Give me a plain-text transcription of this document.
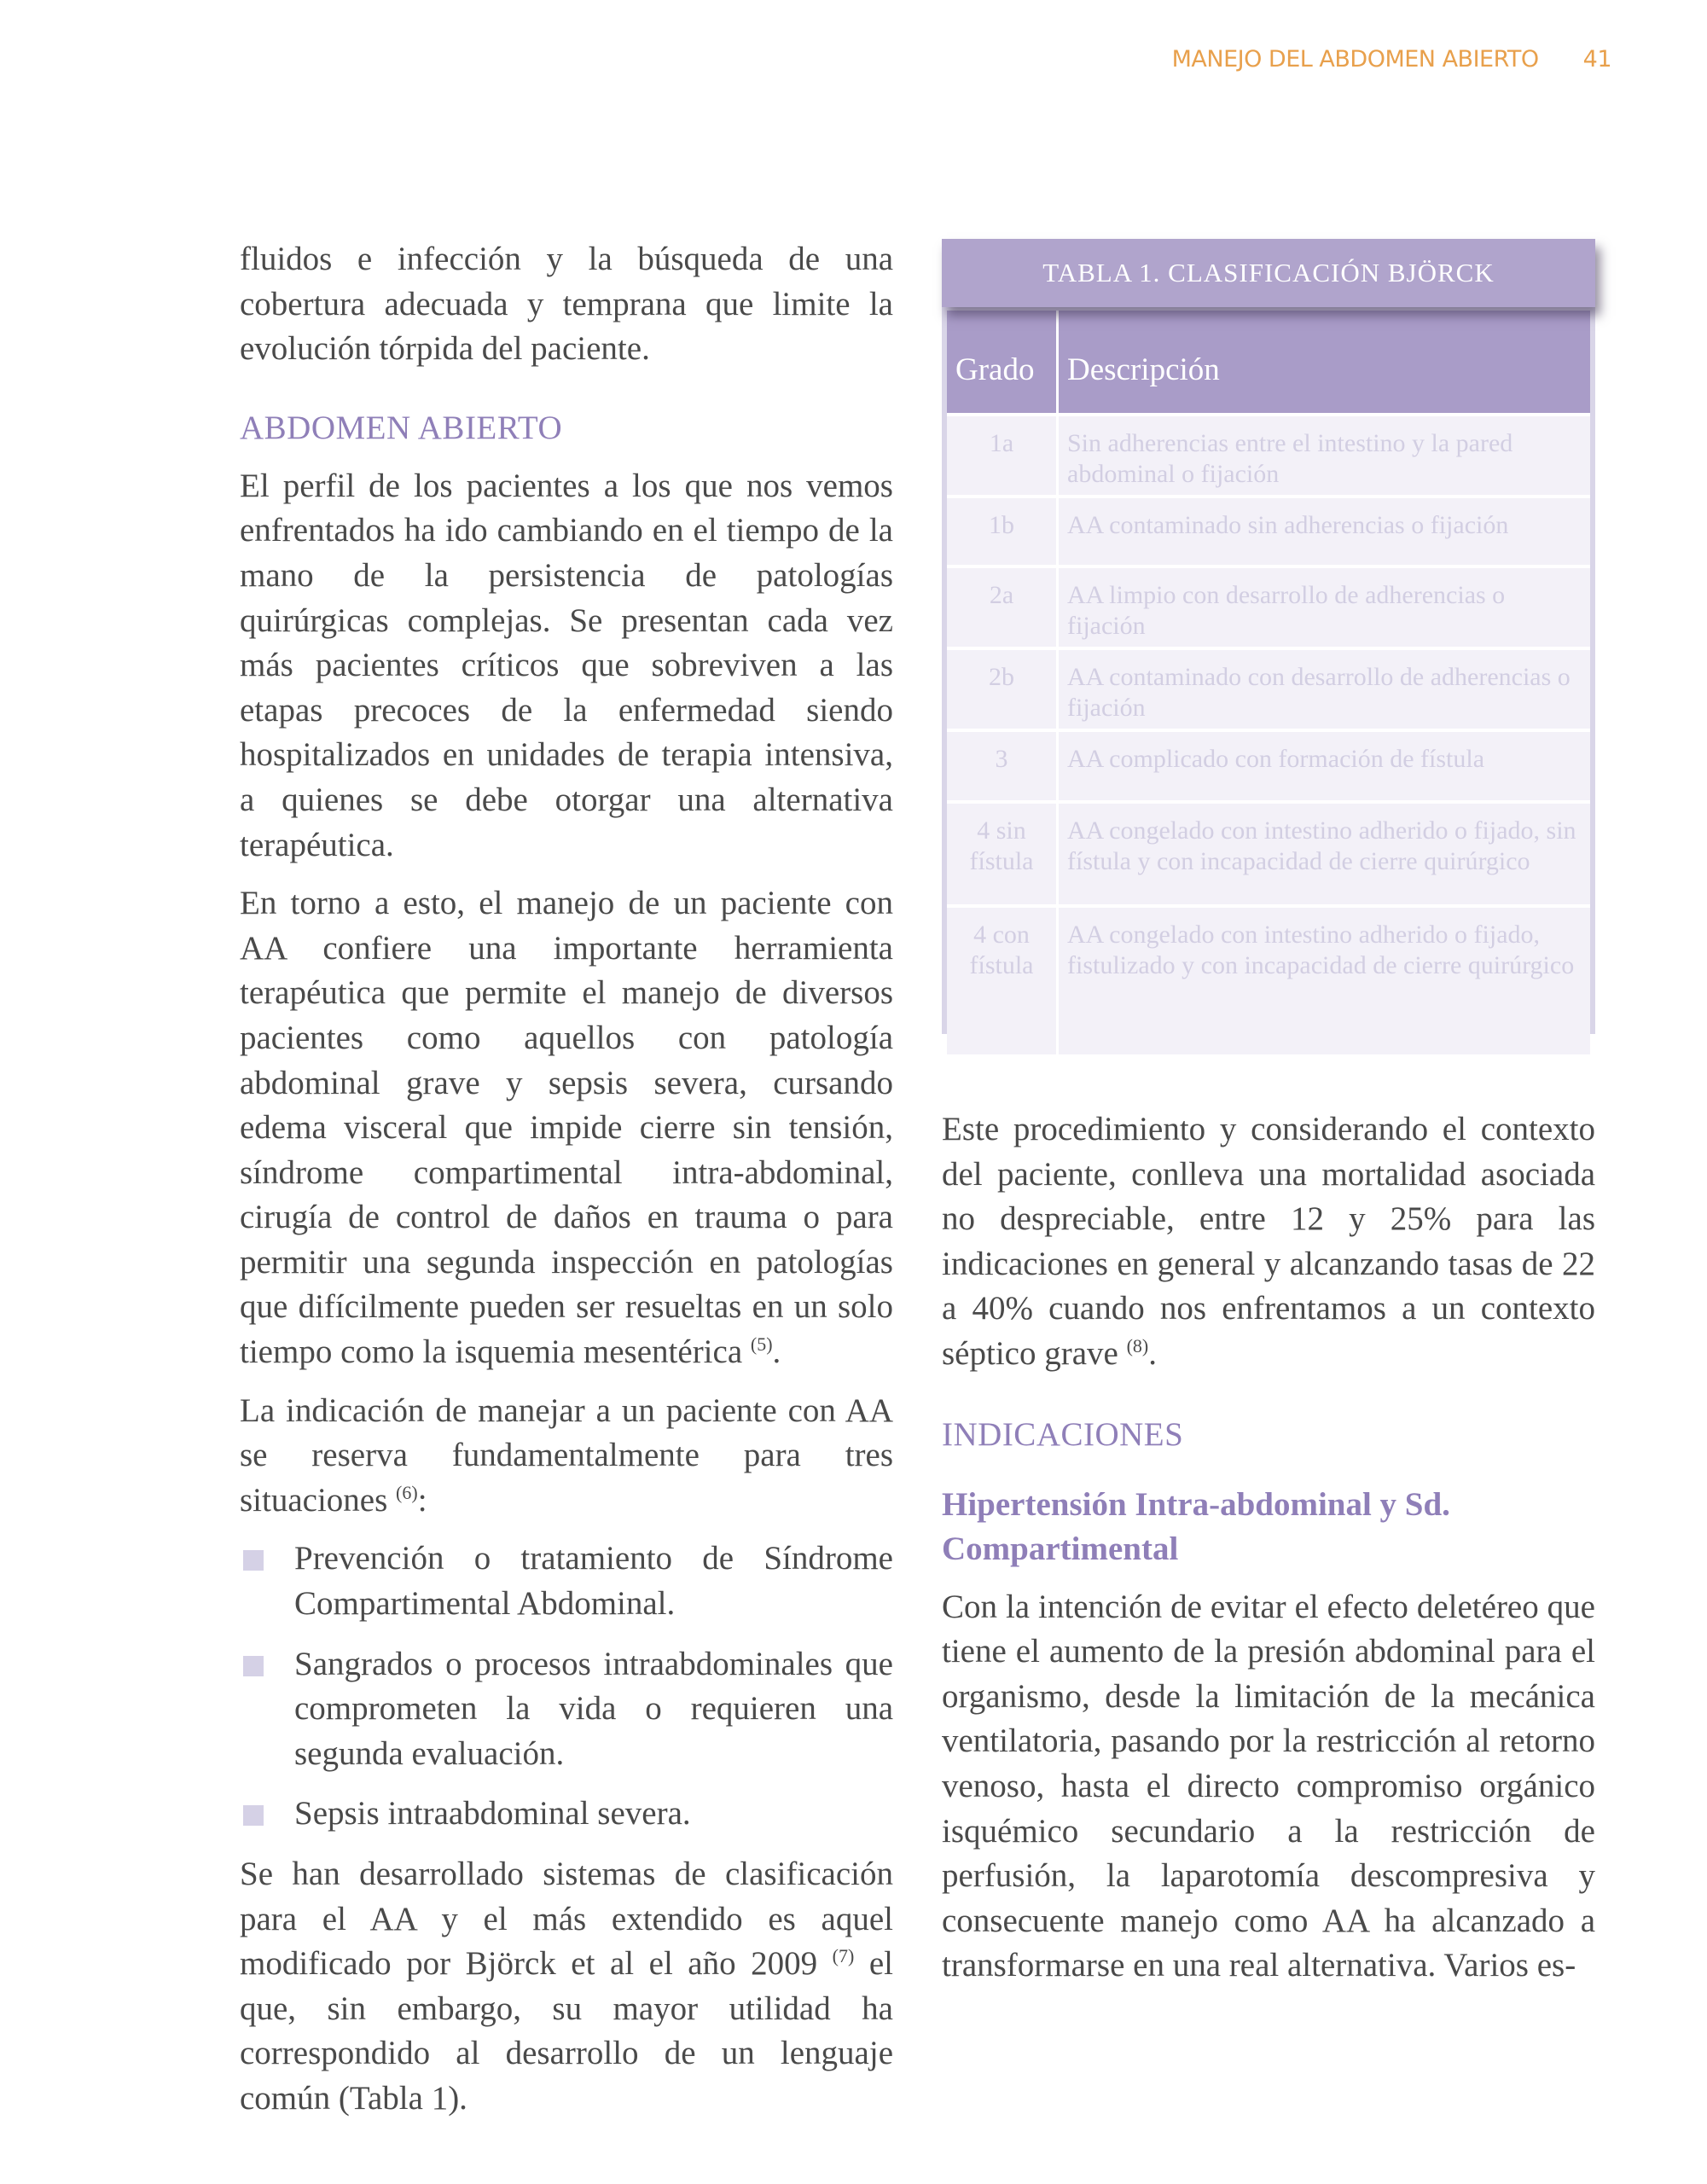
MANEJO DEL ABDOMEN ABIERTO 41

fluidos e infección y la búsqueda de una cobertura adecuada y temprana que limite la evolución tórpida del paciente.

ABDOMEN ABIERTO

El perfil de los pacientes a los que nos vemos enfrentados ha ido cambiando en el tiempo de la mano de la persistencia de patologías quirúrgicas complejas. Se presentan cada vez más pacientes críticos que sobreviven a las etapas precoces de la enfermedad siendo hospitalizados en unidades de terapia intensiva, a quienes se debe otorgar una alternativa terapéutica.

En torno a esto, el manejo de un paciente con AA confiere una importante herramienta terapéutica que permite el manejo de diversos pacientes como aquellos con patología abdominal grave y sepsis severa, cursando edema visceral que impide cierre sin tensión, síndrome compartimental intra-abdominal, cirugía de control de daños en trauma o para permitir una segunda inspección en patologías que difícilmente pueden ser resueltas en un solo tiempo como la isquemia mesentérica $^{(5)}$.

La indicación de manejar a un paciente con AA se reserva fundamentalmente para tres situaciones $^{(6)}$:

Prevención o tratamiento de Síndrome Compartimental Abdominal.
Sangrados o procesos intraabdominales que comprometen la vida o requieren una segunda evaluación.
Sepsis intraabdominal severa.

Se han desarrollado sistemas de clasificación para el AA y el más extendido es aquel modificado por Björck et al el año 2009 $^{(7)}$ el que, sin embargo, su mayor utilidad ha correspondido al desarrollo de un lenguaje común (Tabla 1).

TABLA 1. CLASIFICACIÓN BJÖRCK
Grado	Descripción
1a	Sin adherencias entre el intestino y la pared abdominal o fijación
1b	AA contaminado sin adherencias o fijación
2a	AA limpio con desarrollo de adherencias o fijación
2b	AA contaminado con desarrollo de adherencias o fijación
3	AA complicado con formación de fístula
4 sin fístula	AA congelado con intestino adherido o fijado, sin fístula y con incapacidad de cierre quirúrgico
4 con fístula	AA congelado con intestino adherido o fijado, fistulizado y con incapacidad de cierre quirúrgico

Este procedimiento y considerando el contexto del paciente, conlleva una mortalidad asociada no despreciable, entre 12 y 25% para las indicaciones en general y alcanzando tasas de 22 a 40% cuando nos enfrentamos a un contexto séptico grave $^{(8)}$.

INDICACIONES
Hipertensión Intra-abdominal y Sd. Compartimental

Con la intención de evitar el efecto deletéreo que tiene el aumento de la presión abdominal para el organismo, desde la limitación de la mecánica ventilatoria, pasando por la restricción al retorno venoso, hasta el directo compromiso orgánico isquémico secundario a la restricción de perfusión, la laparotomía descompresiva y consecuente manejo como AA ha alcanzado a transformarse en una real alternativa. Varios es-
